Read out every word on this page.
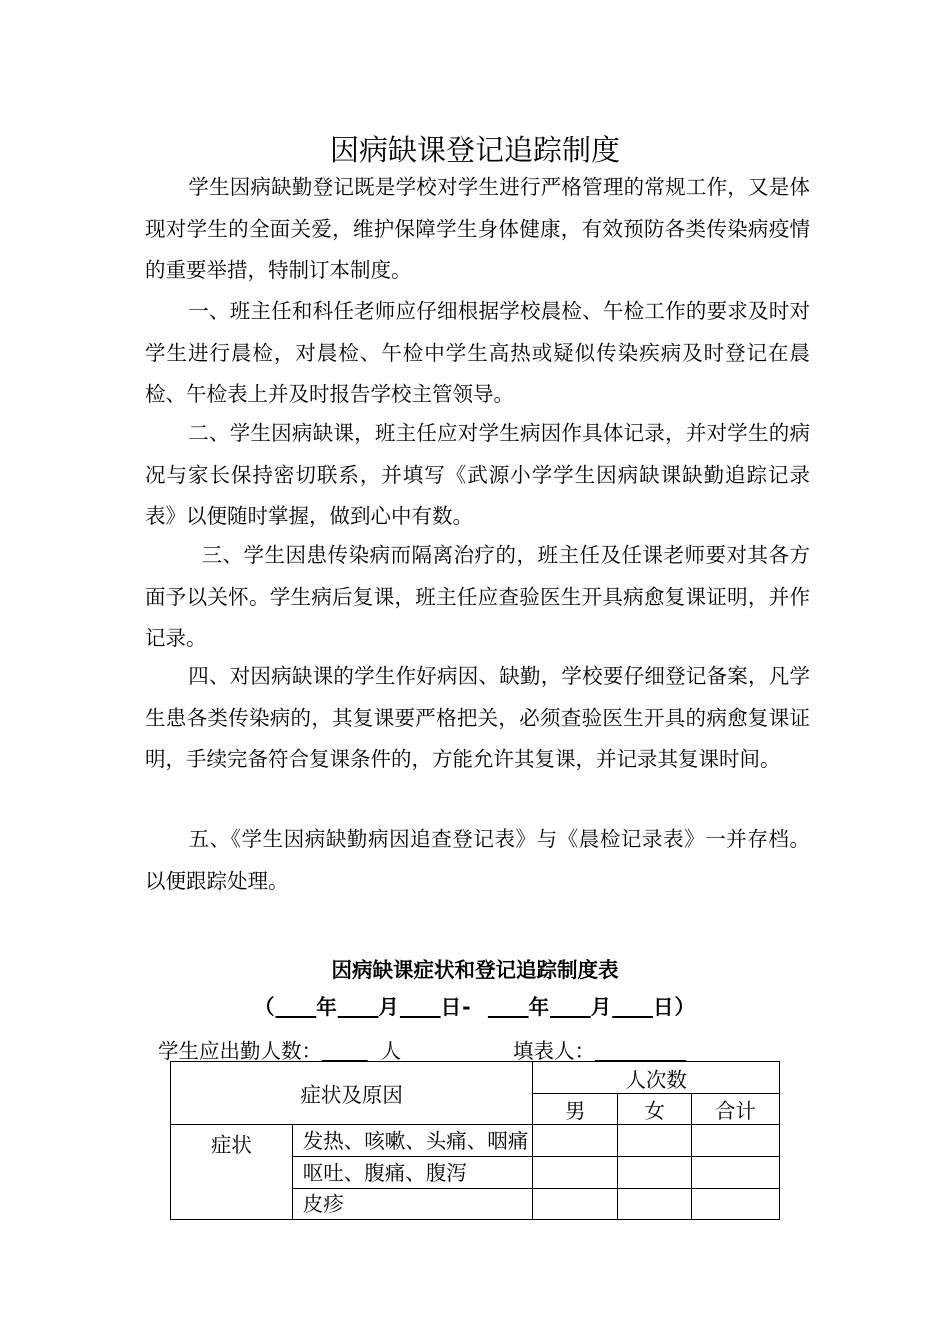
因病缺课登记追踪制度

学生因病缺勤登记既是学校对学生进行严格管理的常规工作，又是体现对学生的全面关爱，维护保障学生身体健康，有效预防各类传染病疫情的重要举措，特制订本制度。

一、班主任和科任老师应仔细根据学校晨检、午检工作的要求及时对学生进行晨检，对晨检、午检中学生高热或疑似传染疾病及时登记在晨检、午检表上并及时报告学校主管领导。

二、学生因病缺课，班主任应对学生病因作具体记录，并对学生的病况与家长保持密切联系，并填写《武源小学学生因病缺课缺勤追踪记录表》以便随时掌握，做到心中有数。

三、学生因患传染病而隔离治疗的，班主任及任课老师要对其各方面予以关怀。学生病后复课，班主任应查验医生开具病愈复课证明，并作记录。

四、对因病缺课的学生作好病因、缺勤，学校要仔细登记备案，凡学生患各类传染病的，其复课要严格把关，必须查验医生开具的病愈复课证明，手续完备符合复课条件的，方能允许其复课，并记录其复课时间。

五、《学生因病缺勤病因追查登记表》与《晨检记录表》一并存档。以便跟踪处理。

因病缺课症状和登记追踪制度表
（ 年 月 日-	年 月 日）
学生应出勤人数：	人	填表人：
症状及原因		人次数		
		男	女	合计
症状	发热、咳嗽、头痛、咽痛			

	呕吐、腹痛、腹泻			

	皮疹			
